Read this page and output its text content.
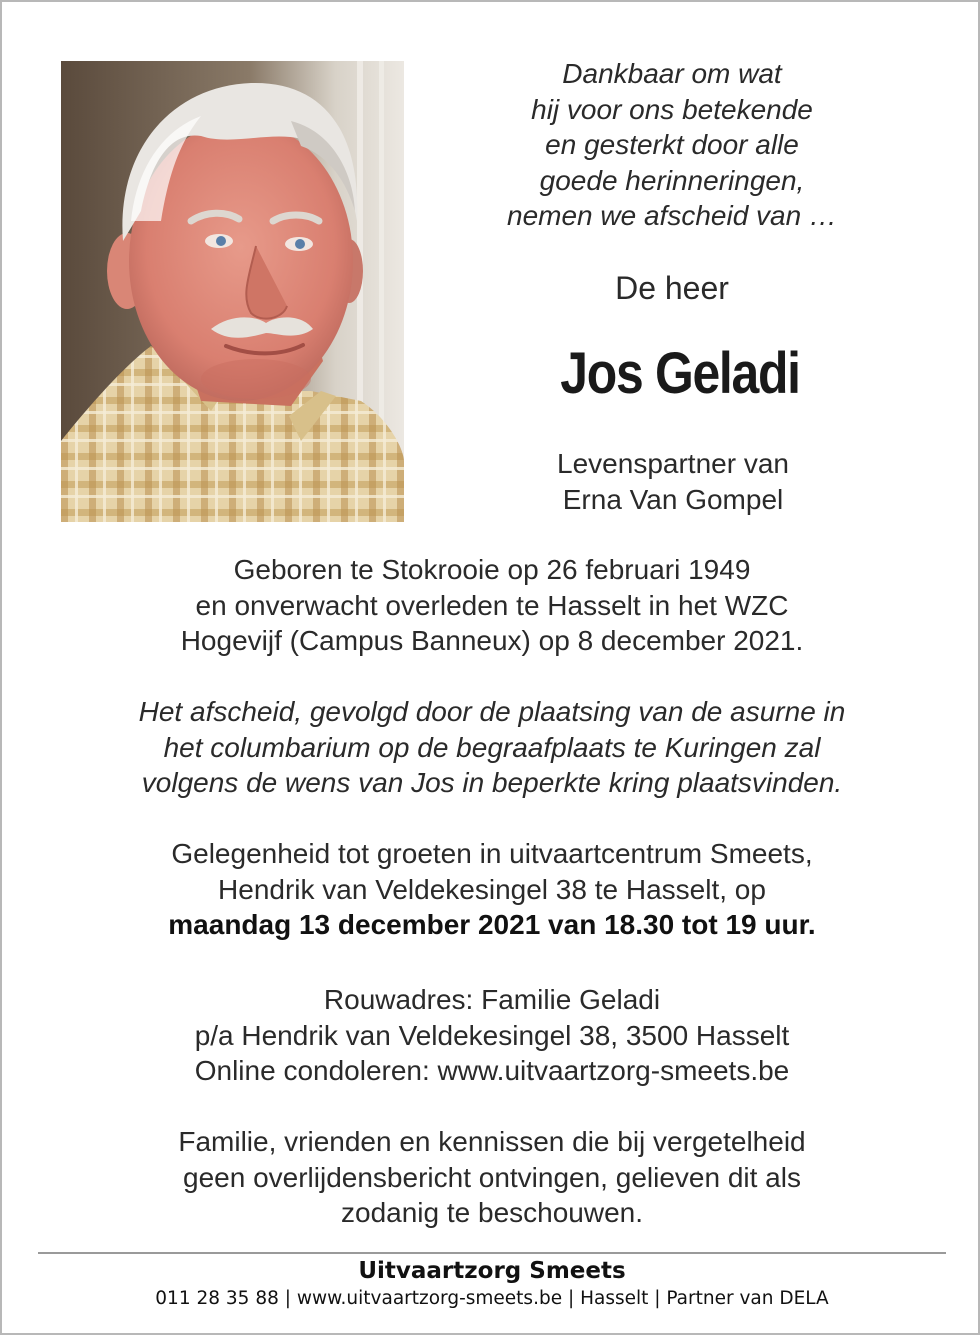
Dankbaar om wat
hij voor ons betekende
en gesterkt door alle
goede herinneringen,
nemen we afscheid van …
De heer
Jos Geladi
Levenspartner van
Erna Van Gompel
Geboren te Stokrooie op 26 februari 1949
en onverwacht overleden te Hasselt in het WZC
Hogevijf (Campus Banneux) op 8 december 2021.
Het afscheid, gevolgd door de plaatsing van de asurne in
het columbarium op de begraafplaats te Kuringen zal
volgens de wens van Jos in beperkte kring plaatsvinden.
Gelegenheid tot groeten in uitvaartcentrum Smeets,
Hendrik van Veldekesingel 38 te Hasselt, op
maandag 13 december 2021 van 18.30 tot 19 uur.
Rouwadres: Familie Geladi
p/a Hendrik van Veldekesingel 38, 3500 Hasselt
Online condoleren: www.uitvaartzorg-smeets.be
Familie, vrienden en kennissen die bij vergetelheid
geen overlijdensbericht ontvingen, gelieven dit als
zodanig te beschouwen.
Uitvaartzorg Smeets
011 28 35 88 | www.uitvaartzorg-smeets.be | Hasselt | Partner van DELA
